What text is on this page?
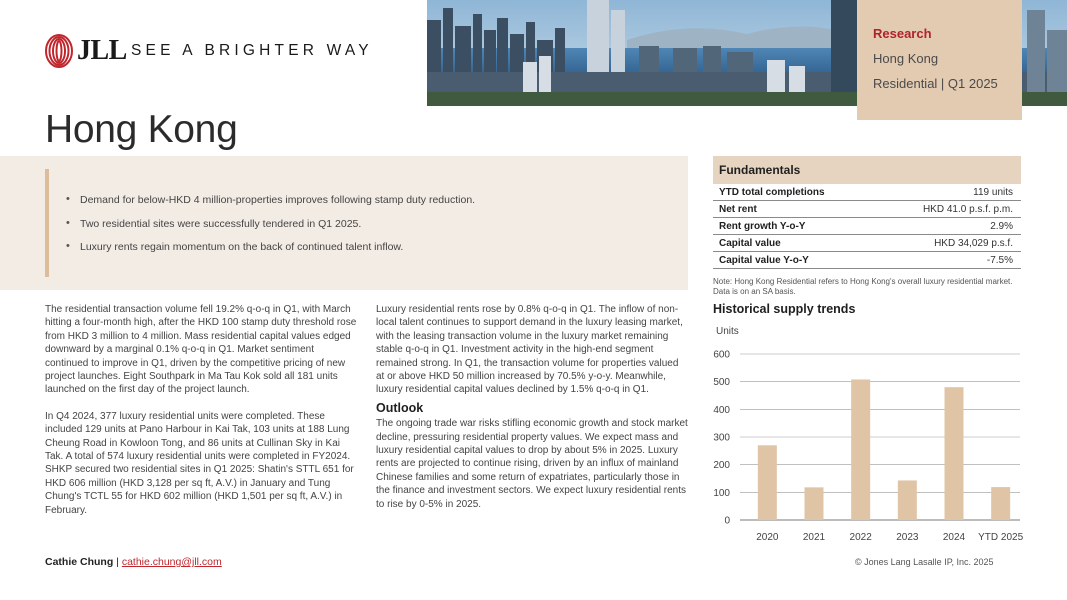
JLL SEE A BRIGHTER WAY
Research
Hong Kong
Residential | Q1 2025
Hong Kong
• Demand for below-HKD 4 million-properties improves following stamp duty reduction.
• Two residential sites were successfully tendered in Q1 2025.
• Luxury rents regain momentum on the back of continued talent inflow.

The residential transaction volume fell 19.2% q-o-q in Q1, with March hitting a four-month high, after the HKD 100 stamp duty threshold rose from HKD 3 million to 4 million. Mass residential capital values edged downward by a marginal 0.1% q-o-q in Q1. Market sentiment continued to improve in Q1, driven by the competitive pricing of new project launches. Eight Southpark in Ma Tau Kok sold all 181 units launched on the first day of the project launch.

In Q4 2024, 377 luxury residential units were completed. These included 129 units at Pano Harbour in Kai Tak, 103 units at 188 Lung Cheung Road in Kowloon Tong, and 86 units at Cullinan Sky in Kai Tak. A total of 574 luxury residential units were completed in FY2024. SHKP secured two residential sites in Q1 2025: Shatin's STTL 651 for HKD 606 million (HKD 3,128 per sq ft, A.V.) in January and Tung Chung's TCTL 55 for HKD 602 million (HKD 1,501 per sq ft, A.V.) in February.

Luxury residential rents rose by 0.8% q-o-q in Q1. The inflow of non-local talent continues to support demand in the luxury leasing market, with the leasing transaction volume in the luxury market remaining stable q-o-q in Q1. Investment activity in the high-end segment remained strong. In Q1, the transaction volume for properties valued at or above HKD 50 million increased by 70.5% y-o-y. Meanwhile, luxury residential capital values declined by 1.5% q-o-q in Q1.

Outlook

The ongoing trade war risks stifling economic growth and stock market decline, pressuring residential property values. We expect mass and luxury residential capital values to drop by about 5% in 2025. Luxury rents are projected to continue rising, driven by an influx of mainland Chinese families and some return of expatriates, particularly those in the finance and investment sectors. We expect luxury residential rents to rise by 0-5% in 2025.

Fundamentals
YTD total completions	119 units
Net rent	HKD 41.0 p.s.f. p.m.
Rent growth Y-o-Y	2.9%
Capital value	HKD 34,029 p.s.f.
Capital value Y-o-Y	-7.5%
Note: Hong Kong Residential refers to Hong Kong's overall luxury residential market. Data is on an SA basis.
Historical supply trends
Units
0
100
200
300
400
500
600
2020 2021 2022 2023 2024 YTD 2025
Cathie Chung | cathie.chung@jll.com	© Jones Lang Lasalle IP, Inc. 2025
